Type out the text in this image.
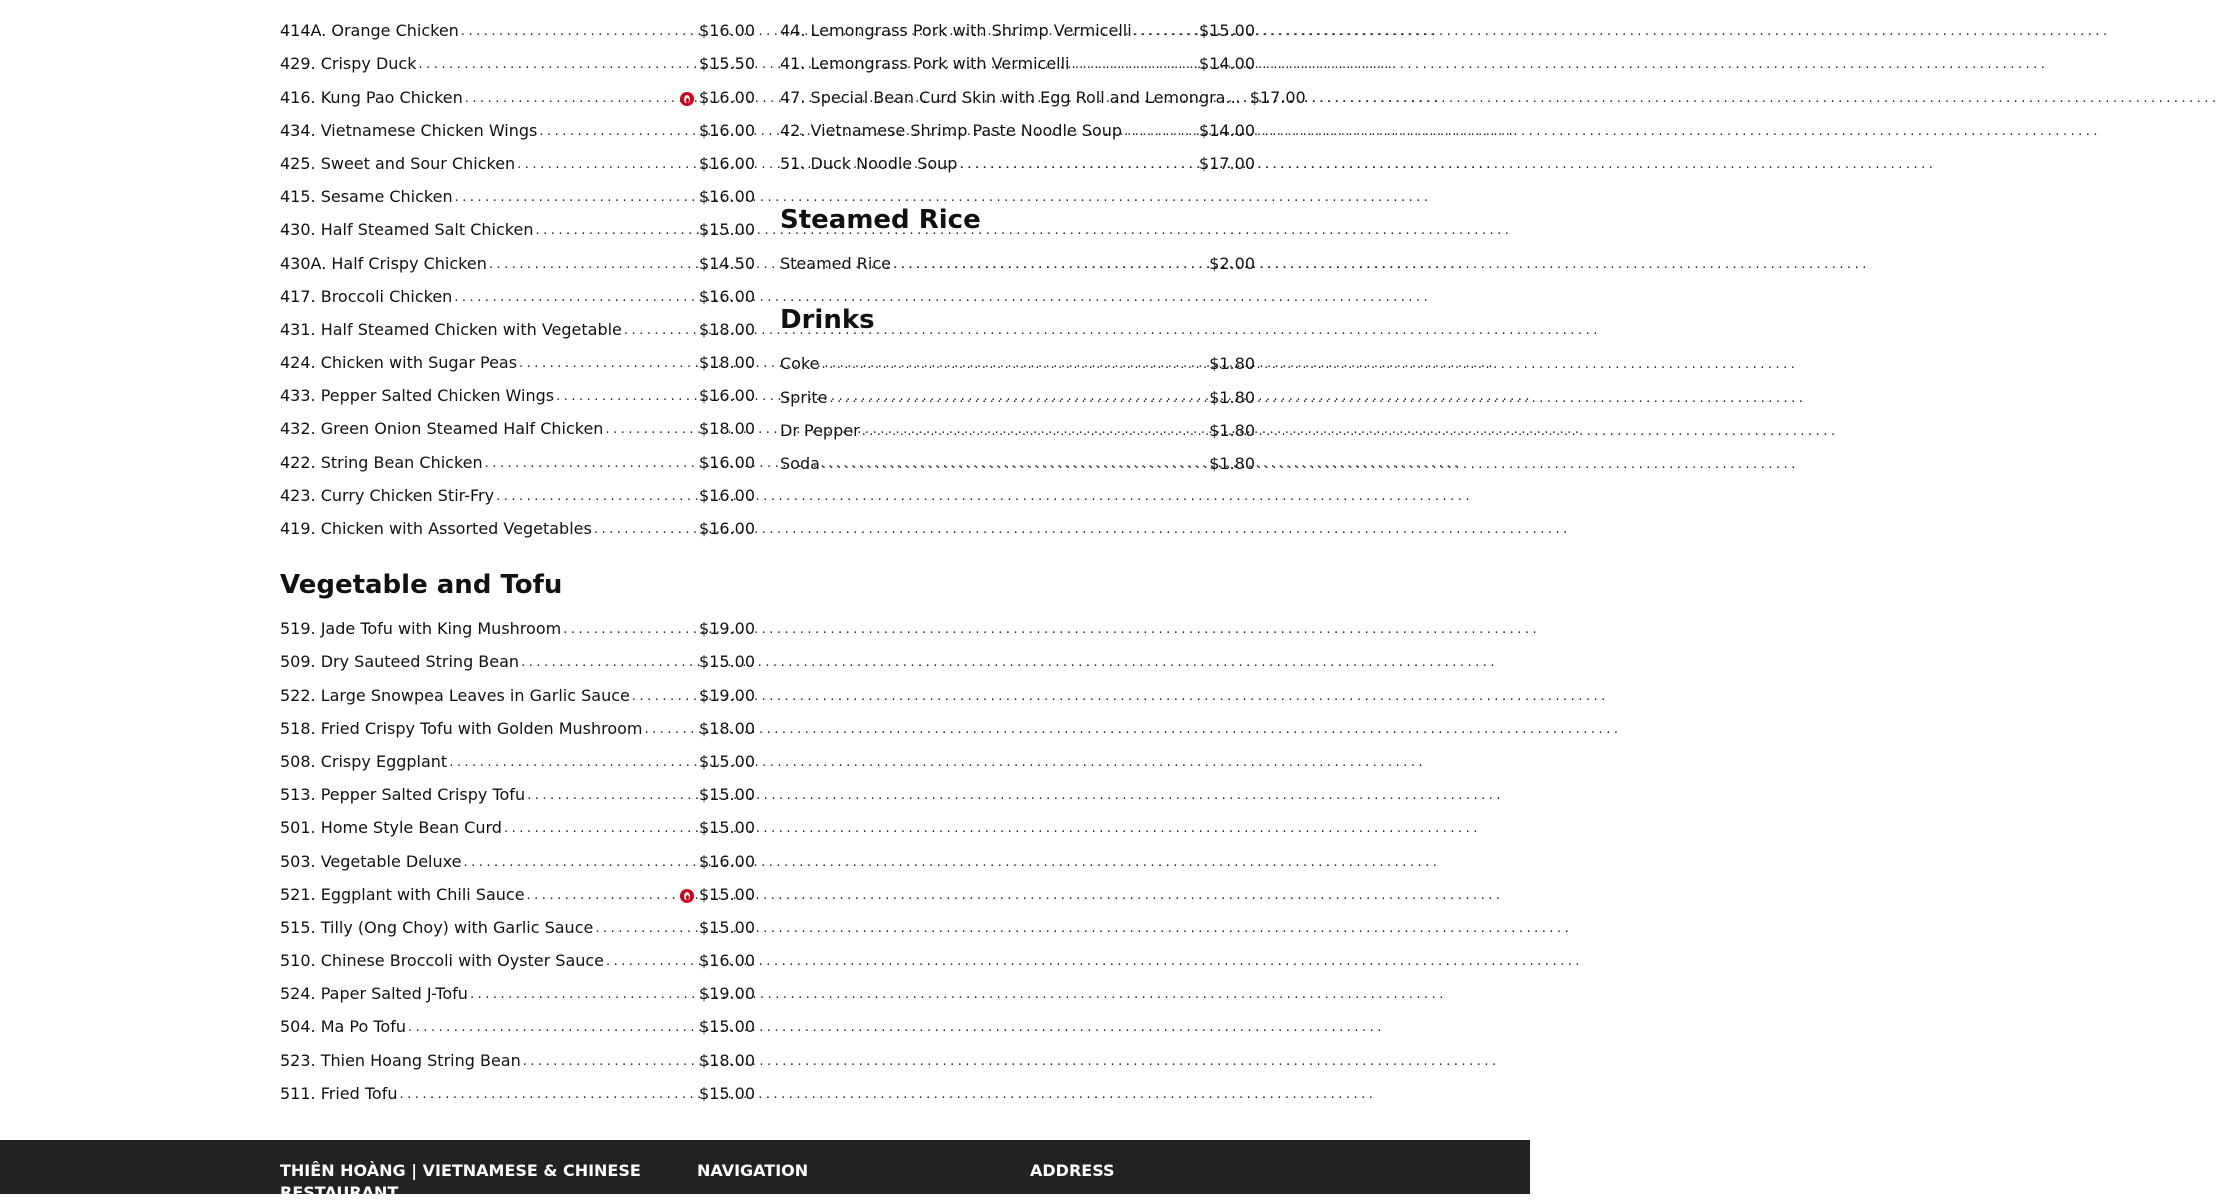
414A. Orange Chicken .....	$16.00
429. Crispy Duck .....	$15.50
416. Kung Pao Chicken .....	$16.00
434. Vietnamese Chicken Wings .....	$16.00
425. Sweet and Sour Chicken .....	$16.00
415. Sesame Chicken .....	$16.00
430. Half Steamed Salt Chicken .....	$15.00
430A. Half Crispy Chicken .....	$14.50
417. Broccoli Chicken .....	$16.00
431. Half Steamed Chicken with Vegetable .....	$18.00
424. Chicken with Sugar Peas .....	$18.00
433. Pepper Salted Chicken Wings .....	$16.00
432. Green Onion Steamed Half Chicken .....	$18.00
422. String Bean Chicken .....	$16.00
423. Curry Chicken Stir-Fry .....	$16.00
419. Chicken with Assorted Vegetables .....	$16.00
Vegetable and Tofu
519. Jade Tofu with King Mushroom .....	$19.00
509. Dry Sauteed String Bean .....	$15.00
522. Large Snowpea Leaves in Garlic Sauce .....	$19.00
518. Fried Crispy Tofu with Golden Mushroom .....	$18.00
508. Crispy Eggplant .....	$15.00
513. Pepper Salted Crispy Tofu .....	$15.00
501. Home Style Bean Curd .....	$15.00
503. Vegetable Deluxe .....	$16.00
521. Eggplant with Chili Sauce .....	$15.00
515. Tilly (Ong Choy) with Garlic Sauce .....	$15.00
510. Chinese Broccoli with Oyster Sauce .....	$16.00
524. Paper Salted J-Tofu .....	$19.00
504. Ma Po Tofu .....	$15.00
523. Thien Hoang String Bean .....	$18.00
511. Fried Tofu .....	$15.00
44. Lemongrass Pork with Shrimp Vermicelli .....	$15.00
41. Lemongrass Pork with Vermicelli .....	$14.00
47. Special Bean Curd Skin with Egg Roll and Lemongra... ..... $17.00
42. Vietnamese Shrimp Paste Noodle Soup .....	$14.00
51. Duck Noodle Soup .....	$17.00
Steamed Rice
Steamed Rice .....	$2.00
Drinks
Coke .....	$1.80
Sprite .....	$1.80
Dr Pepper .....	$1.80
Soda .....	$1.80
THIÊN HOÀNG | VIETNAMESE & CHINESE RESTAURANT
NAVIGATION	ADDRESS
